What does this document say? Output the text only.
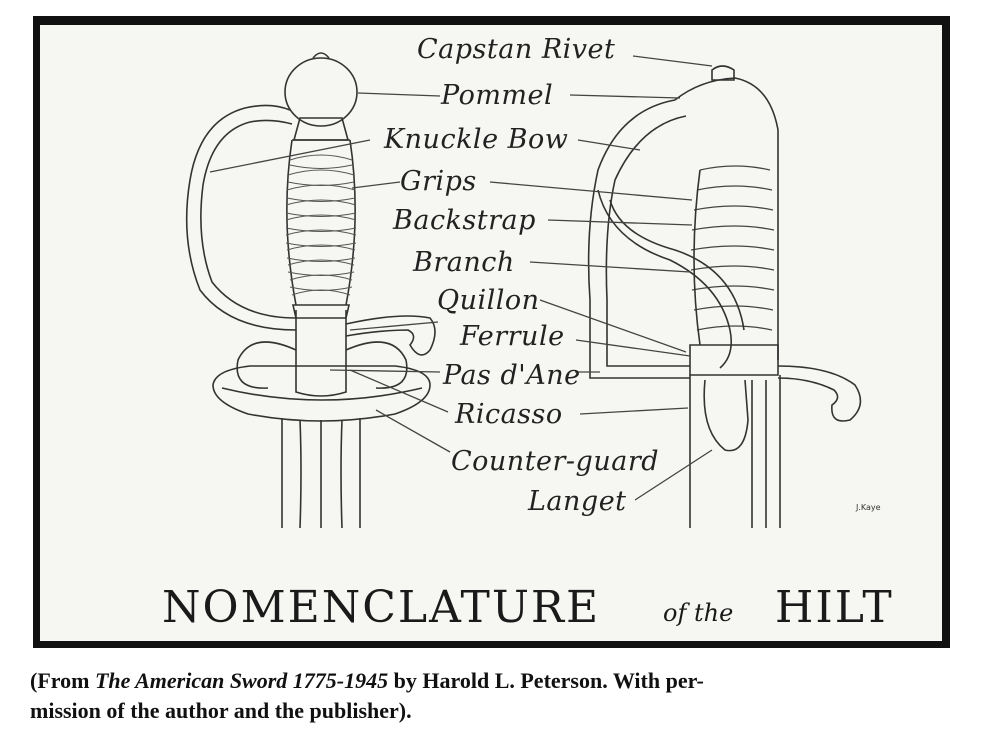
Capstan Rivet
Pommel
Knuckle Bow
Grips
Backstrap
Branch
Quillon
Ferrule
Pas d'Ane
Ricasso
Counter-guard
Langet	J.Kaye
NOMENCLATURE	of the HILT
(From The American Sword 1775-1945 by Harold L. Peterson. With per-
mission of the author and the publisher).
